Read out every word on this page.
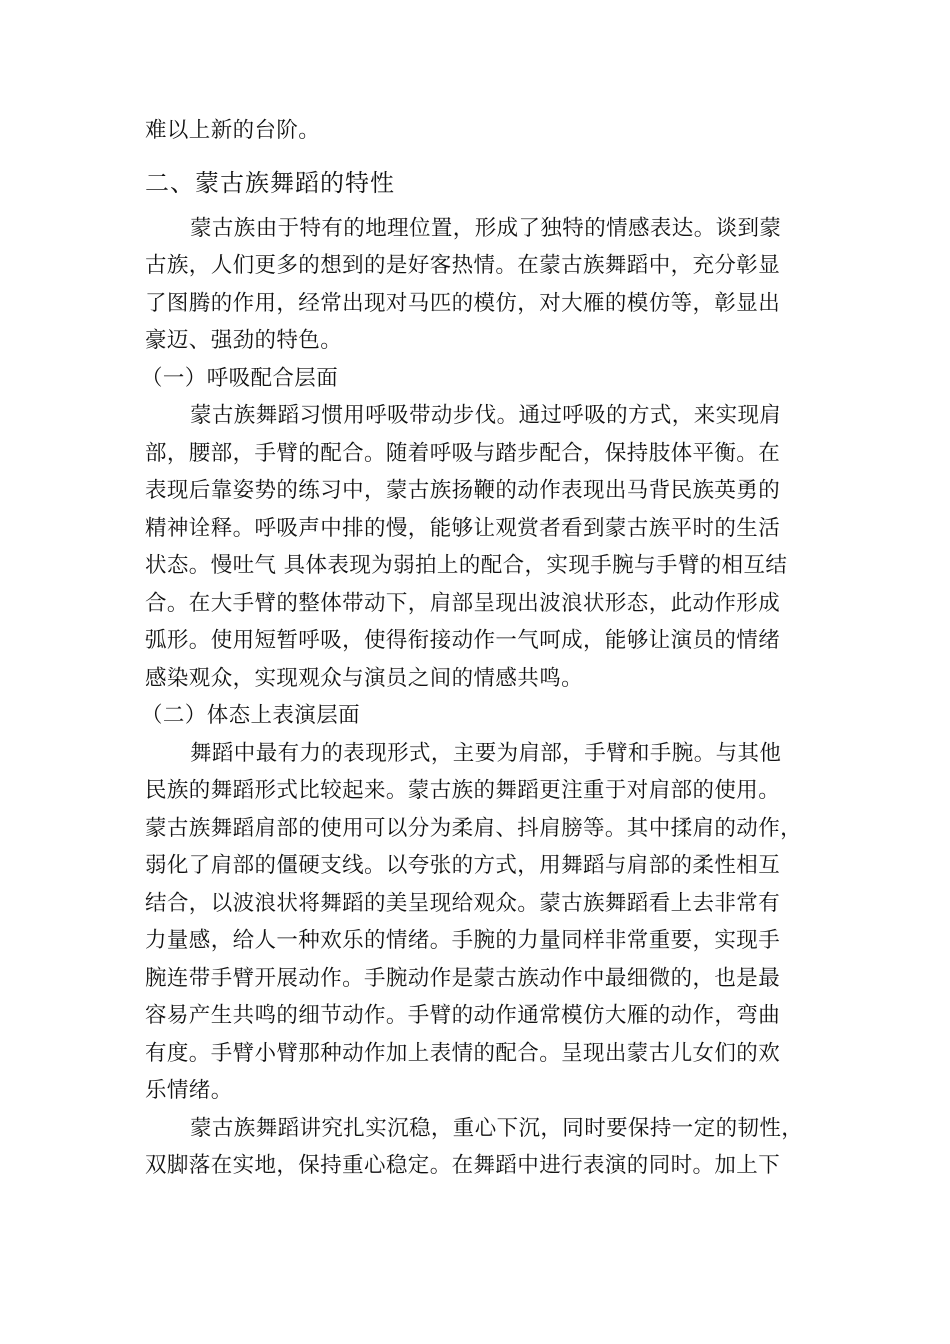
难以上新的台阶。
二、蒙古族舞蹈的特性
蒙古族由于特有的地理位置，形成了独特的情感表达。谈到蒙
古族，人们更多的想到的是好客热情。在蒙古族舞蹈中，充分彰显
了图腾的作用，经常出现对马匹的模仿，对大雁的模仿等，彰显出
豪迈、强劲的特色。
（一）呼吸配合层面
蒙古族舞蹈习惯用呼吸带动步伐。通过呼吸的方式，来实现肩
部，腰部，手臂的配合。随着呼吸与踏步配合，保持肢体平衡。在
表现后靠姿势的练习中，蒙古族扬鞭的动作表现出马背民族英勇的
精神诠释。呼吸声中排的慢，能够让观赏者看到蒙古族平时的生活
状态。慢吐气 具体表现为弱拍上的配合，实现手腕与手臂的相互结
合。在大手臂的整体带动下，肩部呈现出波浪状形态，此动作形成
弧形。使用短暂呼吸，使得衔接动作一气呵成，能够让演员的情绪
感染观众，实现观众与演员之间的情感共鸣。
（二）体态上表演层面
舞蹈中最有力的表现形式，主要为肩部，手臂和手腕。与其他
民族的舞蹈形式比较起来。蒙古族的舞蹈更注重于对肩部的使用。
蒙古族舞蹈肩部的使用可以分为柔肩、抖肩膀等。其中揉肩的动作，
弱化了肩部的僵硬支线。以夸张的方式，用舞蹈与肩部的柔性相互
结合，以波浪状将舞蹈的美呈现给观众。蒙古族舞蹈看上去非常有
力量感，给人一种欢乐的情绪。手腕的力量同样非常重要，实现手
腕连带手臂开展动作。手腕动作是蒙古族动作中最细微的，也是最
容易产生共鸣的细节动作。手臂的动作通常模仿大雁的动作，弯曲
有度。手臂小臂那种动作加上表情的配合。呈现出蒙古儿女们的欢
乐情绪。
蒙古族舞蹈讲究扎实沉稳，重心下沉，同时要保持一定的韧性，
双脚落在实地，保持重心稳定。在舞蹈中进行表演的同时。加上下
